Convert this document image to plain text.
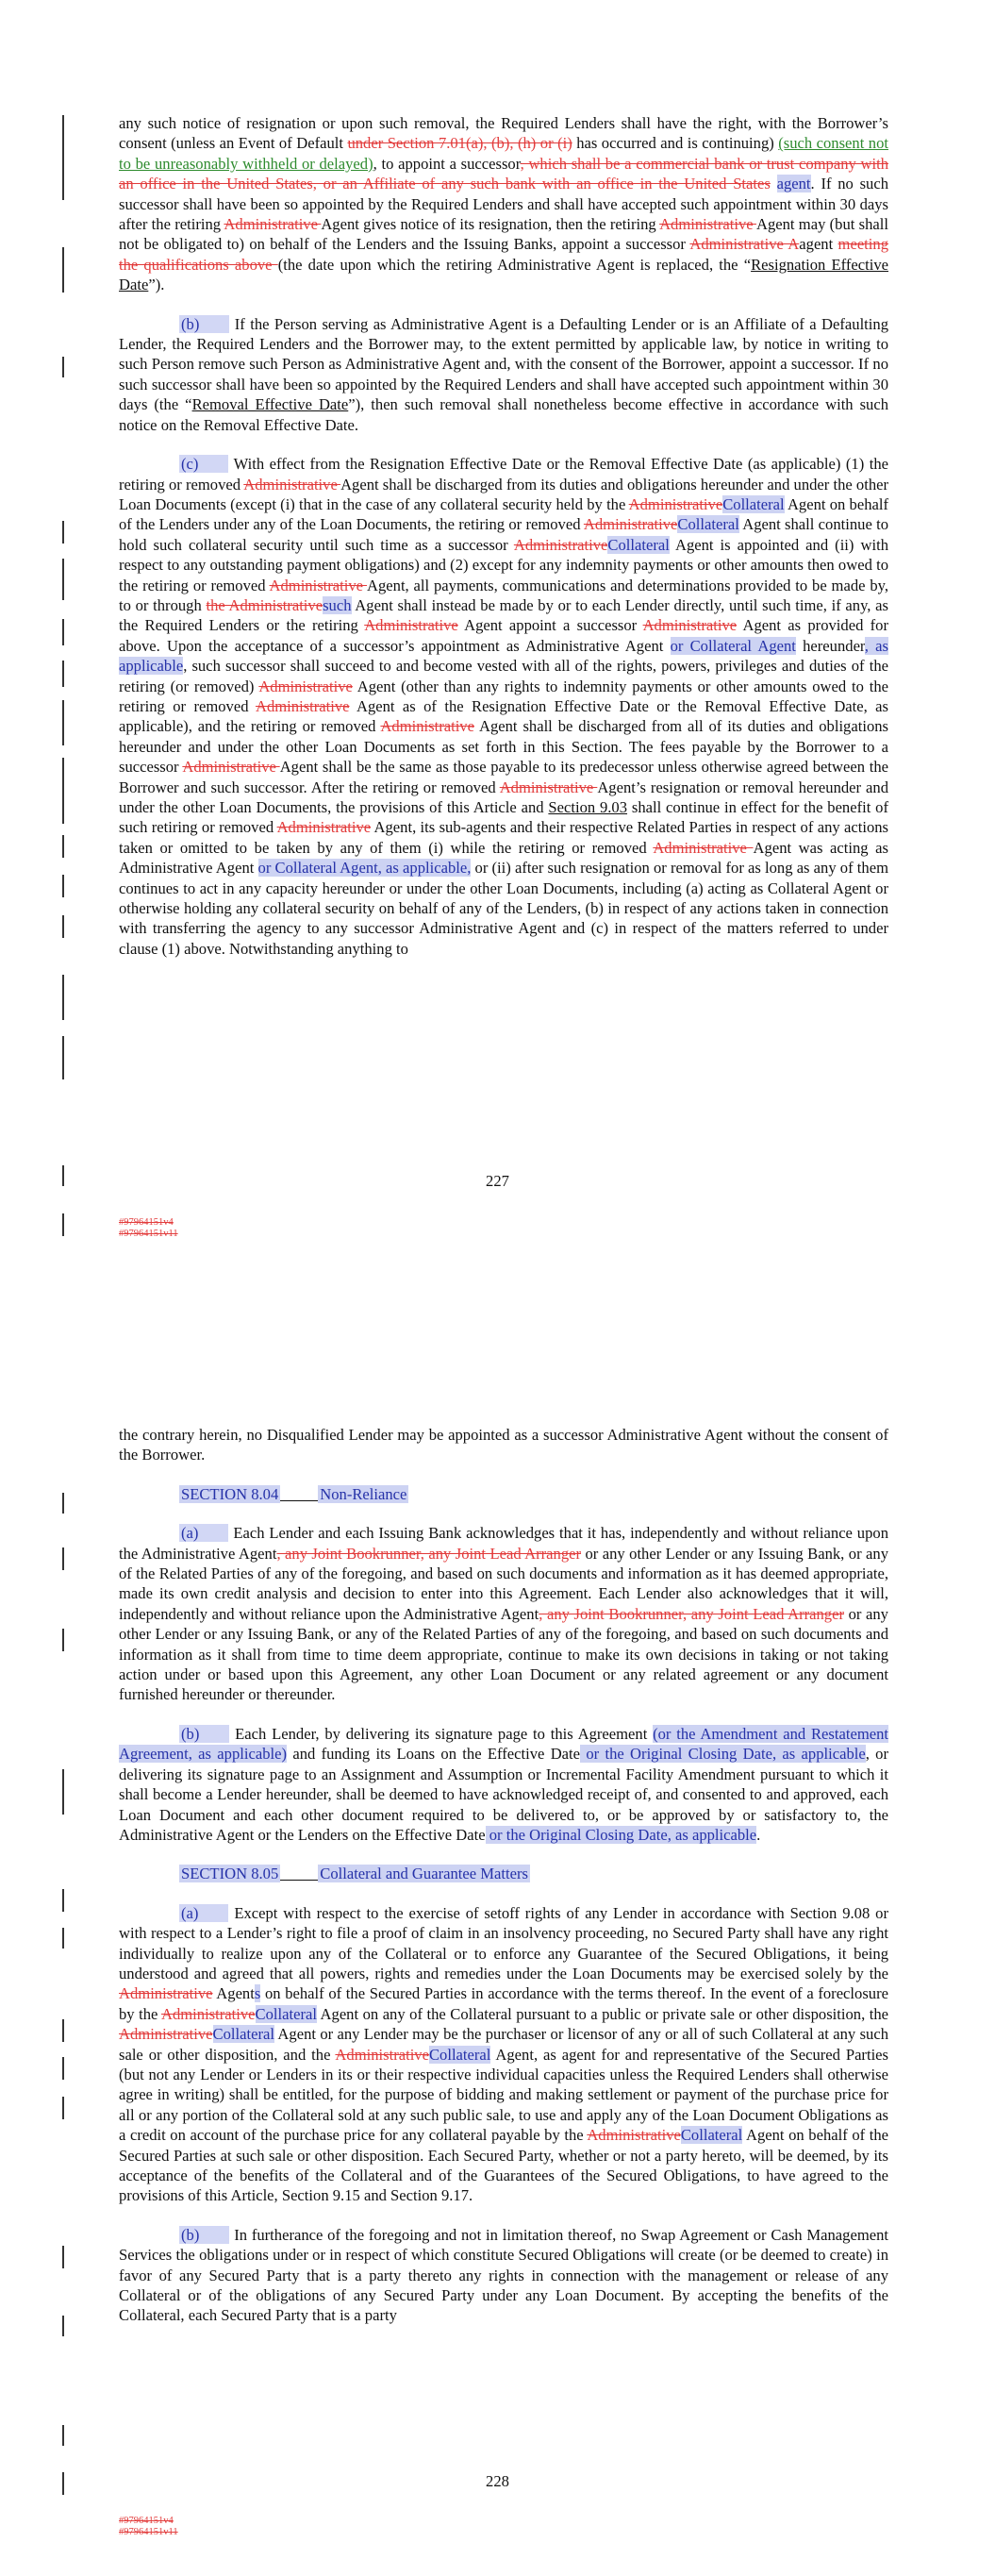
any such notice of resignation or upon such removal, the Required Lenders shall have the right, with the Borrower’s consent (unless an Event of Default under Section 7.01(a), (b), (h) or (i) has occurred and is continuing) (such consent not to be unreasonably withheld or delayed), to appoint a successor, which shall be a commercial bank or trust company with an office in the United States, or an Affiliate of any such bank with an office in the United States agent. If no such successor shall have been so appointed by the Required Lenders and shall have accepted such appointment within 30 days after the retiring Administrative Agent gives notice of its resignation, then the retiring Administrative Agent may (but shall not be obligated to) on behalf of the Lenders and the Issuing Banks, appoint a successor Administrative Aagent meeting the qualifications above (the date upon which the retiring Administrative Agent is replaced, the “Resignation Effective Date”).

(b) If the Person serving as Administrative Agent is a Defaulting Lender or is an Affiliate of a Defaulting Lender, the Required Lenders and the Borrower may, to the extent permitted by applicable law, by notice in writing to such Person remove such Person as Administrative Agent and, with the consent of the Borrower, appoint a successor. If no such successor shall have been so appointed by the Required Lenders and shall have accepted such appointment within 30 days (the “Removal Effective Date”), then such removal shall nonetheless become effective in accordance with such notice on the Removal Effective Date.

(c) With effect from the Resignation Effective Date or the Removal Effective Date (as applicable) (1) the retiring or removed Administrative Agent shall be discharged from its duties and obligations hereunder and under the other Loan Documents (except (i) that in the case of any collateral security held by the AdministrativeCollateral Agent on behalf of the Lenders under any of the Loan Documents, the retiring or removed AdministrativeCollateral Agent shall continue to hold such collateral security until such time as a successor AdministrativeCollateral Agent is appointed and (ii) with respect to any outstanding payment obligations) and (2) except for any indemnity payments or other amounts then owed to the retiring or removed Administrative Agent, all payments, communications and determinations provided to be made by, to or through the Administrativesuch Agent shall instead be made by or to each Lender directly, until such time, if any, as the Required Lenders or the retiring Administrative Agent appoint a successor Administrative Agent as provided for above. Upon the acceptance of a successor’s appointment as Administrative Agent or Collateral Agent hereunder, as applicable, such successor shall succeed to and become vested with all of the rights, powers, privileges and duties of the retiring (or removed) Administrative Agent (other than any rights to indemnity payments or other amounts owed to the retiring or removed Administrative Agent as of the Resignation Effective Date or the Removal Effective Date, as applicable), and the retiring or removed Administrative Agent shall be discharged from all of its duties and obligations hereunder and under the other Loan Documents as set forth in this Section. The fees payable by the Borrower to a successor Administrative Agent shall be the same as those payable to its predecessor unless otherwise agreed between the Borrower and such successor. After the retiring or removed Administrative Agent’s resignation or removal hereunder and under the other Loan Documents, the provisions of this Article and Section 9.03 shall continue in effect for the benefit of such retiring or removed Administrative Agent, its sub-agents and their respective Related Parties in respect of any actions taken or omitted to be taken by any of them (i) while the retiring or removed Administrative Agent was acting as Administrative Agent or Collateral Agent, as applicable, or (ii) after such resignation or removal for as long as any of them continues to act in any capacity hereunder or under the other Loan Documents, including (a) acting as Collateral Agent or otherwise holding any collateral security on behalf of any of the Lenders, (b) in respect of any actions taken in connection with transferring the agency to any successor Administrative Agent and (c) in respect of the matters referred to under clause (1) above. Notwithstanding anything to

227
#97964151v4
#97964151v11

the contrary herein, no Disqualified Lender may be appointed as a successor Administrative Agent without the consent of the Borrower.

SECTION 8.04	Non-Reliance

(a) Each Lender and each Issuing Bank acknowledges that it has, independently and without reliance upon the Administrative Agent, any Joint Bookrunner, any Joint Lead Arranger or any other Lender or any Issuing Bank, or any of the Related Parties of any of the foregoing, and based on such documents and information as it has deemed appropriate, made its own credit analysis and decision to enter into this Agreement. Each Lender also acknowledges that it will, independently and without reliance upon the Administrative Agent, any Joint Bookrunner, any Joint Lead Arranger or any other Lender or any Issuing Bank, or any of the Related Parties of any of the foregoing, and based on such documents and information as it shall from time to time deem appropriate, continue to make its own decisions in taking or not taking action under or based upon this Agreement, any other Loan Document or any related agreement or any document furnished hereunder or thereunder.

(b) Each Lender, by delivering its signature page to this Agreement (or the Amendment and Restatement Agreement, as applicable) and funding its Loans on the Effective Date or the Original Closing Date, as applicable, or delivering its signature page to an Assignment and Assumption or Incremental Facility Amendment pursuant to which it shall become a Lender hereunder, shall be deemed to have acknowledged receipt of, and consented to and approved, each Loan Document and each other document required to be delivered to, or be approved by or satisfactory to, the Administrative Agent or the Lenders on the Effective Date or the Original Closing Date, as applicable.

SECTION 8.05	Collateral and Guarantee Matters

(a) Except with respect to the exercise of setoff rights of any Lender in accordance with Section 9.08 or with respect to a Lender’s right to file a proof of claim in an insolvency proceeding, no Secured Party shall have any right individually to realize upon any of the Collateral or to enforce any Guarantee of the Secured Obligations, it being understood and agreed that all powers, rights and remedies under the Loan Documents may be exercised solely by the Administrative Agents on behalf of the Secured Parties in accordance with the terms thereof. In the event of a foreclosure by the AdministrativeCollateral Agent on any of the Collateral pursuant to a public or private sale or other disposition, the AdministrativeCollateral Agent or any Lender may be the purchaser or licensor of any or all of such Collateral at any such sale or other disposition, and the AdministrativeCollateral Agent, as agent for and representative of the Secured Parties (but not any Lender or Lenders in its or their respective individual capacities unless the Required Lenders shall otherwise agree in writing) shall be entitled, for the purpose of bidding and making settlement or payment of the purchase price for all or any portion of the Collateral sold at any such public sale, to use and apply any of the Loan Document Obligations as a credit on account of the purchase price for any collateral payable by the AdministrativeCollateral Agent on behalf of the Secured Parties at such sale or other disposition. Each Secured Party, whether or not a party hereto, will be deemed, by its acceptance of the benefits of the Collateral and of the Guarantees of the Secured Obligations, to have agreed to the provisions of this Article, Section 9.15 and Section 9.17.

(b) In furtherance of the foregoing and not in limitation thereof, no Swap Agreement or Cash Management Services the obligations under or in respect of which constitute Secured Obligations will create (or be deemed to create) in favor of any Secured Party that is a party thereto any rights in connection with the management or release of any Collateral or of the obligations of any Secured Party under any Loan Document. By accepting the benefits of the Collateral, each Secured Party that is a party

228
#97964151v4
#97964151v11
